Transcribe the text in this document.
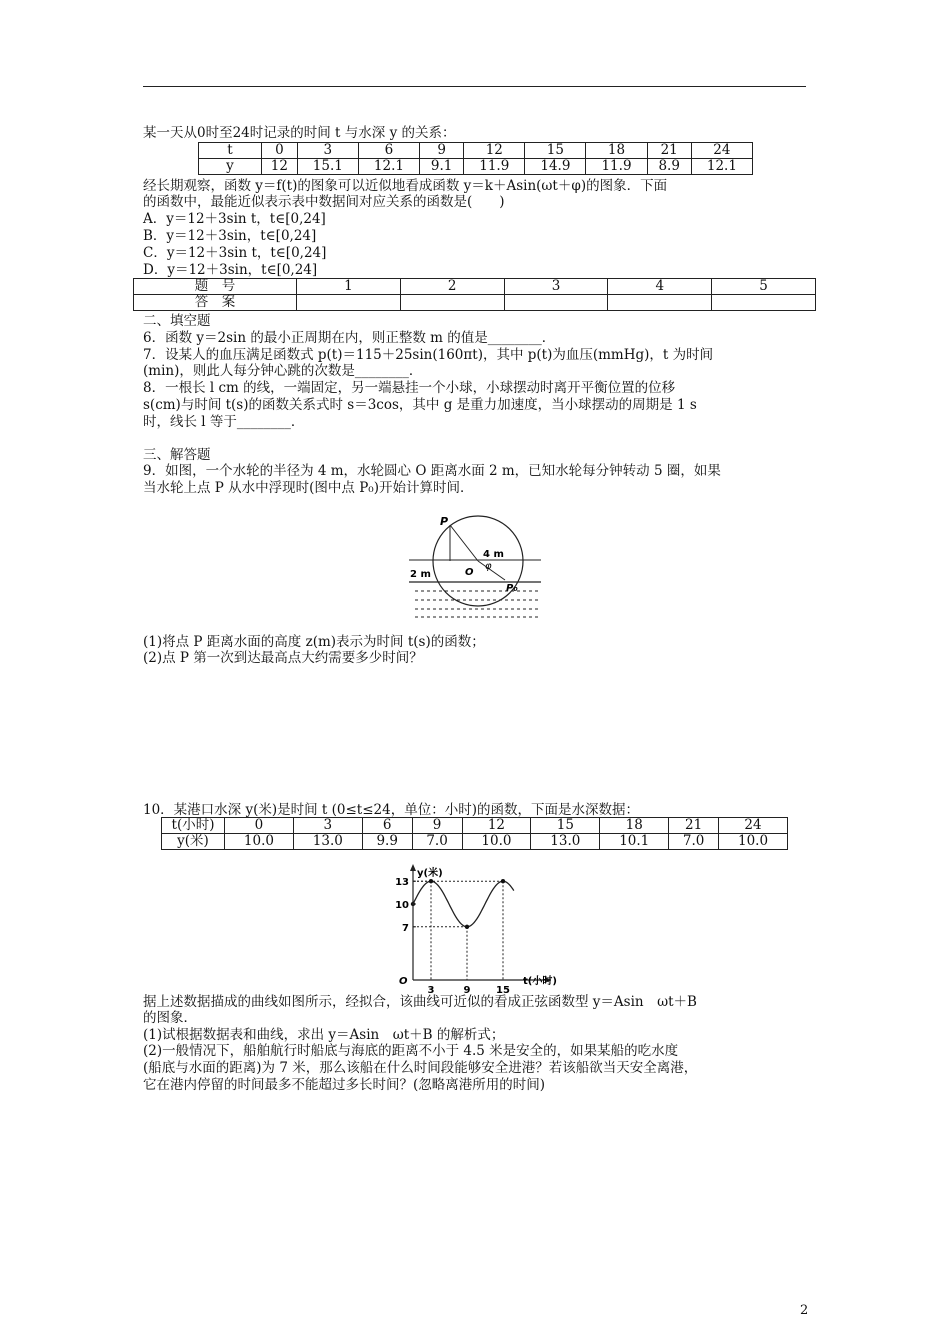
某一天从0时至24时记录的时间 t 与水深 y 的关系：
t	0	3	6	9	12	15	18	21	24
y	12	15.1	12.1	9.1	11.9	14.9	11.9	8.9	12.1
经长期观察，函数 y＝f(t)的图象可以近似地看成函数 y＝k＋Asin(ωt＋φ)的图象．下面
的函数中，最能近似表示表中数据间对应关系的函数是(　　)
A．y＝12＋3sin t，t∈[0,24]
B．y＝12＋3sin，t∈[0,24]
C．y＝12＋3sin t，t∈[0,24]
D．y＝12＋3sin，t∈[0,24]
题　号	1	2	3	4	5
答　案					
二、填空题
6．函数 y＝2sin 的最小正周期在内，则正整数 m 的值是________．
7．设某人的血压满足函数式 p(t)＝115＋25sin(160πt)，其中 p(t)为血压(mmHg)，t 为时间
(min)，则此人每分钟心跳的次数是________．
8．一根长 l cm 的线，一端固定，另一端悬挂一个小球，小球摆动时离开平衡位置的位移
s(cm)与时间 t(s)的函数关系式时 s＝3cos，其中 g 是重力加速度，当小球摆动的周期是 1 s
时，线长 l 等于________．
三、解答题
9．如图，一个水轮的半径为 4 m，水轮圆心 O 距离水面 2 m，已知水轮每分钟转动 5 圈，如果
当水轮上点 P 从水中浮现时(图中点 P₀)开始计算时间．
P
4 m
2 m	O
φ
P₀
(1)将点 P 距离水面的高度 z(m)表示为时间 t(s)的函数；
(2)点 P 第一次到达最高点大约需要多少时间？
10．某港口水深 y(米)是时间 t (0≤t≤24，单位：小时)的函数，下面是水深数据：
t(小时)	0	3	6	9	12	15	18	21	24
y(米)	10.0	13.0	9.9	7.0	10.0	13.0	10.1	7.0	10.0
y(米)
t(小时)
O
7
10
13
3	9	15
据上述数据描成的曲线如图所示，经拟合，该曲线可近似的看成正弦函数型 y＝Asin　ωt＋B
的图象．
(1)试根据数据表和曲线，求出 y＝Asin　ωt＋B 的解析式；
(2)一般情况下，船舶航行时船底与海底的距离不小于 4.5 米是安全的，如果某船的吃水度
(船底与水面的距离)为 7 米，那么该船在什么时间段能够安全进港？若该船欲当天安全离港，
它在港内停留的时间最多不能超过多长时间？(忽略离港所用的时间)
2
